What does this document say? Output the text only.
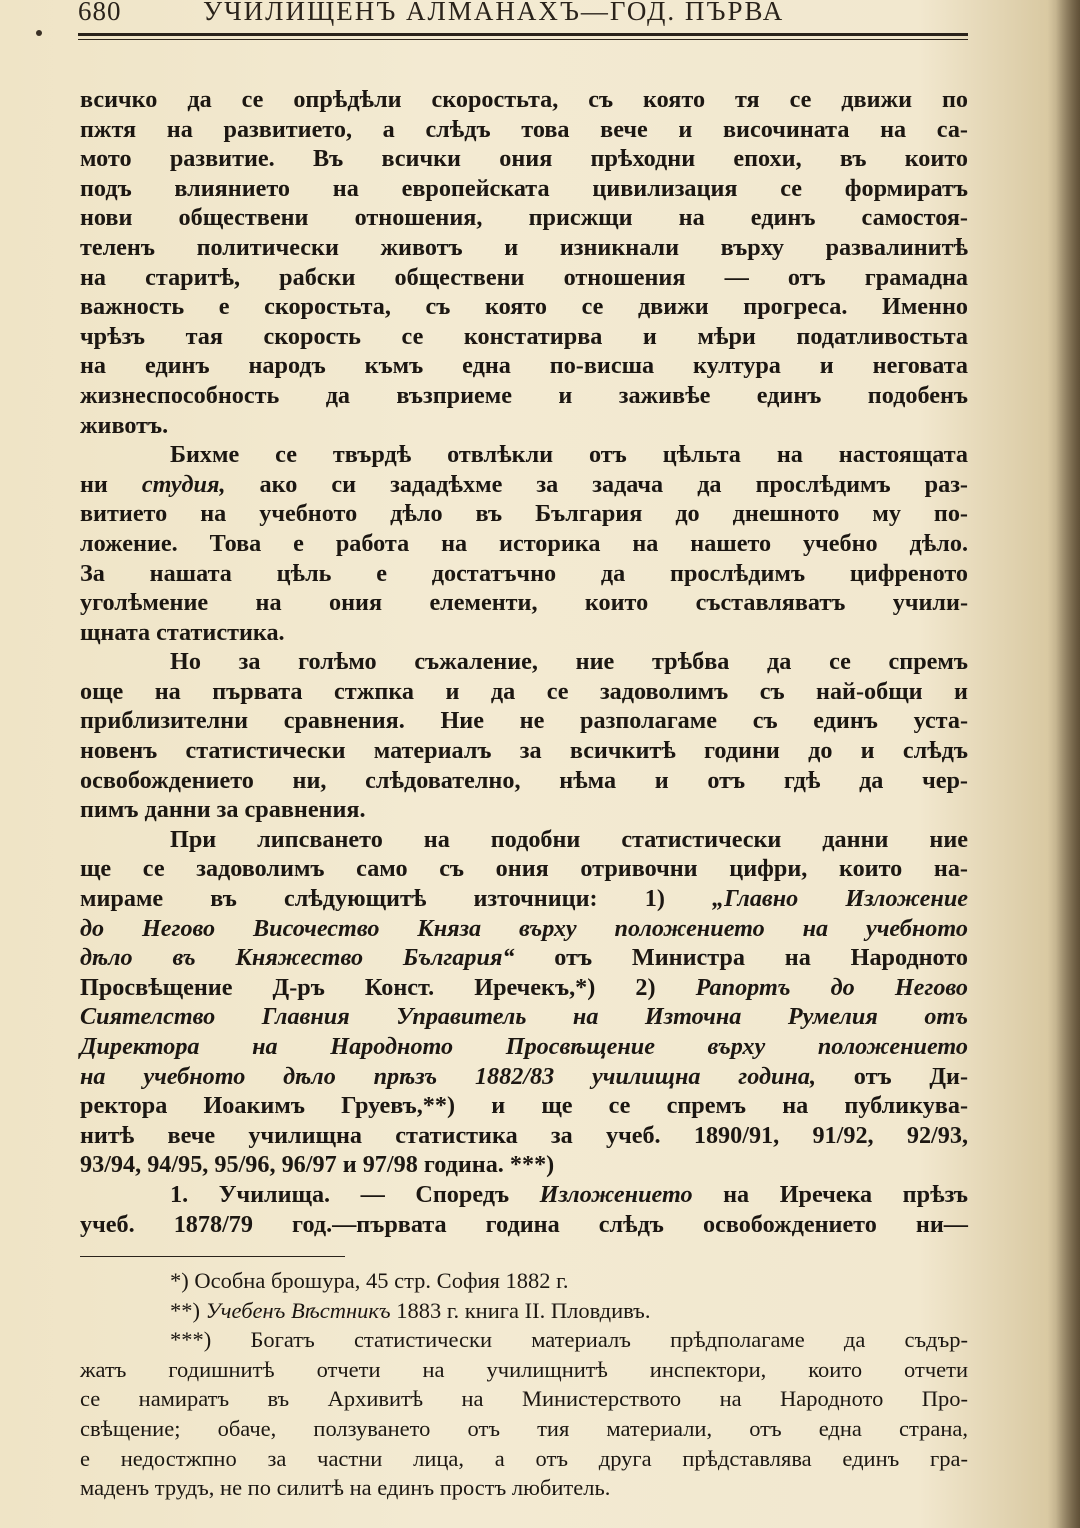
680	УЧИЛИЩЕНЪ АЛМАНАХЪ—ГОД. ПЪРВА
всичко да се опрѣдѣли скоростьта, съ която тя се движи по
пжтя на развитието, а слѣдъ това вече и височината на са-
мото развитие. Въ всички ония прѣходни епохи, въ които
подъ влиянието на европейската цивилизация се формиратъ
нови обществени отношения, присжщи на единъ самостоя-
теленъ политически животъ и изникнали върху развалинитѣ
на старитѣ, рабски обществени отношения — отъ грамадна
важность е скоростьта, съ която се движи прогреса. Именно
чрѣзъ тая скорость се констатирва и мѣри податливостьта
на единъ народъ къмъ една по-висша култура и неговата
жизнеспособность да възприеме и заживѣе единъ подобенъ
животъ.
Бихме се твърдѣ отвлѣкли отъ цѣльта на настоящата
ни студия, ако си зададѣхме за задача да прослѣдимъ раз-
витието на учебното дѣло въ България до днешното му по-
ложение. Това е работа на историка на нашето учебно дѣло.
За нашата цѣль е достатъчно да прослѣдимъ цифреното
уголѣмение на ония елементи, които съставляватъ учили-
щната статистика.
Но за голѣмо съжаление, ние трѣбва да се спремъ
още на първата стжпка и да се задоволимъ съ най-общи и
приблизителни сравнения. Ние не разполагаме съ единъ уста-
новенъ статистически материалъ за всичкитѣ години до и слѣдъ
освобождението ни, слѣдователно, нѣма и отъ гдѣ да чер-
пимъ данни за сравнения.
При липсването на подобни статистически данни ние
ще се задоволимъ само съ ония отривочни цифри, които на-
мираме въ слѣдующитѣ източници: 1) „Главно Изложение
до Негово Височество Княза върху положението на учебното
дѣло въ Княжество България“ отъ Министра на Народното
Просвѣщение Д-ръ Конст. Иречекъ,*) 2) Рапортъ до Негово
Сиятелство Главния Управитель на Източна Румелия отъ
Директора на Народното Просвѣщение върху положението
на учебното дѣло прѣзъ 1882/83 училищна година, отъ Ди-
ректора Иоакимъ Груевъ,**) и ще се спремъ на публикува-
нитѣ вече училищна статистика за учеб. 1890/91, 91/92, 92/93,
93/94, 94/95, 95/96, 96/97 и 97/98 година. ***)
1. Училища. — Споредъ Изложението на Иречека прѣзъ
учеб. 1878/79 год.—първата година слѣдъ освобождението ни—
*) Особна брошура, 45 стр. София 1882 г.
**) Учебенъ Вѣстникъ 1883 г. книга II. Пловдивъ.
***) Богатъ статистически материалъ прѣдполагаме да съдър-
жатъ годишнитѣ отчети на училищнитѣ инспектори, които отчети
се намиратъ въ Архивитѣ на Министерството на Народното Про-
свѣщение; обаче, ползуването отъ тия материали, отъ една страна,
е недостжпно за частни лица, а отъ друга прѣдставлява единъ гра-
маденъ трудъ, не по силитѣ на единъ простъ любитель.
